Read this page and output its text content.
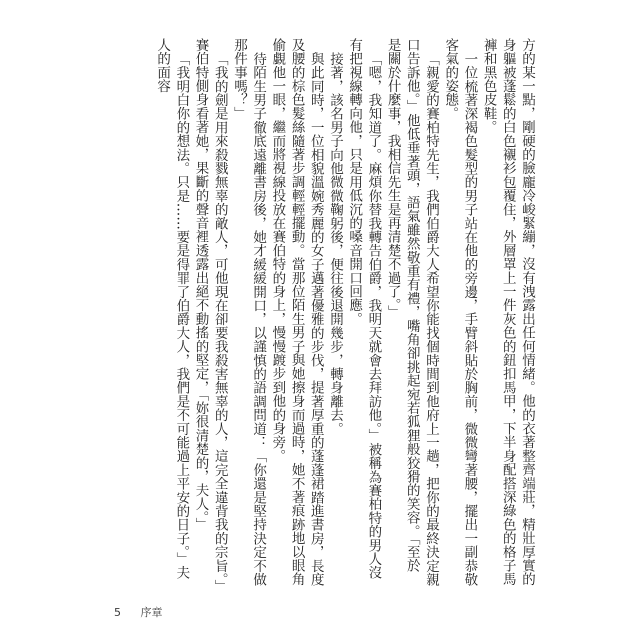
方的某一點，剛硬的臉龐冷峻緊繃，沒有洩露出任何情緒。他的衣著整齊端莊，精壯厚實的身軀被蓬鬆的白色襯衫包覆住，外層罩上一件灰色的鈕扣馬甲，下半身配搭深綠色的格子馬褲和黑色皮鞋。

一位梳著深褐色髮型的男子站在他的旁邊，手臂斜貼於胸前，微微彎著腰，擺出一副恭敬客氣的姿態。

「親愛的賽柏特先生，我們伯爵大人希望你能找個時間到他府上一趟，把你的最終決定親口告訴他。」他低垂著頭，語氣雖然敬重有禮，嘴角卻挑起宛若狐狸般狡猾的笑容。「至於是關於什麼事，我相信先生是再清楚不過了。」

「嗯，我知道了。麻煩你替我轉告伯爵，我明天就會去拜訪他。」被稱為賽柏特的男人沒有把視線轉向他，只是用低沉的嗓音開口回應。

接著，該名男子向他微微鞠躬後，便往後退開幾步，轉身離去。

與此同時，一位相貌溫婉秀麗的女子邁著優雅的步伐，提著厚重的蓬蓬裙踏進書房，長度及腰的棕色髮絲隨著步調輕輕擺動。當那位陌生男子與她擦身而過時，她不著痕跡地以眼角偷覷他一眼，繼而將視線投放在賽伯特的身上，慢慢踱步到他的身旁。

待陌生男子徹底遠離書房後，她才緩緩開口，以謹慎的語調問道：「你還是堅持決定不做那件事嗎？」

「我的劍是用來殺戮無辜的敵人，可他現在卻要我殺害無辜的人，這完全違背我的宗旨。」賽伯特側身看著她，果斷的聲音裡透露出絕不動搖的堅定，「妳很清楚的，夫人。」

「我明白你的想法。只是……要是得罪了伯爵大人，我們是不可能過上平安的日子。」夫人的面容

5 序章
